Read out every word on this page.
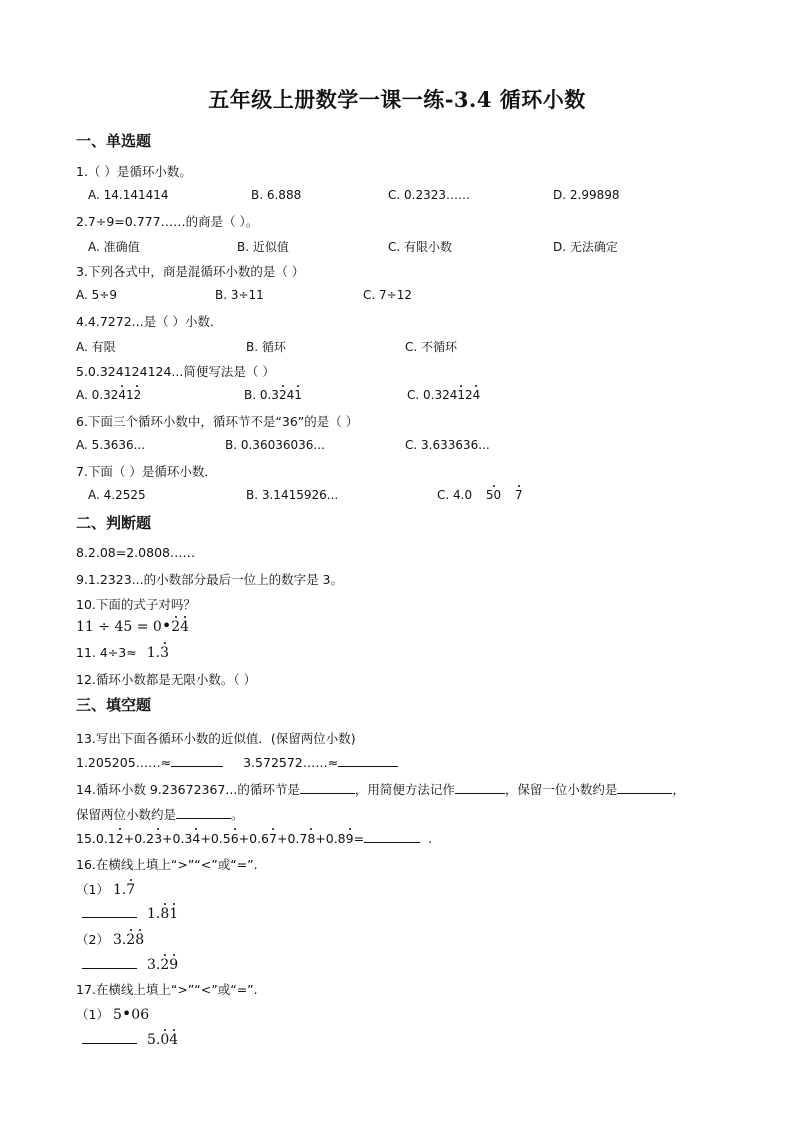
五年级上册数学一课一练-3.4 循环小数
一、单选题
1.（ ）是循环小数。
A. 14.141414	B. 6.888	C. 0.2323……	D. 2.99898
2.7÷9=0.777……的商是（ ）。
A. 准确值	B. 近似值	C. 有限小数	D. 无法确定
3.下列各式中，商是混循环小数的是（ ）
A. 5÷9	B. 3÷11	C. 7÷12
4.4.7272...是（ ）小数．
A. 有限	B. 循环	C. 不循环
5.0.324124124...简便写法是（ ）
A. 0.32412	B. 0.3241	C. 0.324124
6.下面三个循环小数中，循环节不是“36”的是（ ）
A. 5.3636...	B. 0.36036036...	C. 3.633636...
7.下面（ ）是循环小数．
A. 4.2525	B. 3.1415926...	C. 4.0 50 7
二、判断题
8.2.08=2.0808……
9.1.2323...的小数部分最后一位上的数字是 3。
10.下面的式子对吗？
11 ÷ 45 = 0•24
11. 4÷3≈ 1.3
12.循环小数都是无限小数。（ ）
三、填空题
13.写出下面各循环小数的近似值．(保留两位小数)
1.205205……≈	3.572572……≈
14.循环小数 9.23672367...的循环节是	，用简便方法记作	，保留一位小数约是	，
保留两位小数约是	。
15.0.12+0.23+0.34+0.56+0.67+0.78+0.89=	.
16.在横线上填上“>”“<”或“=”.
（1） 1.7
1.81
（2） 3.28
3.29
17.在横线上填上“>”“<”或“=”.
（1） 5•06
5.04
